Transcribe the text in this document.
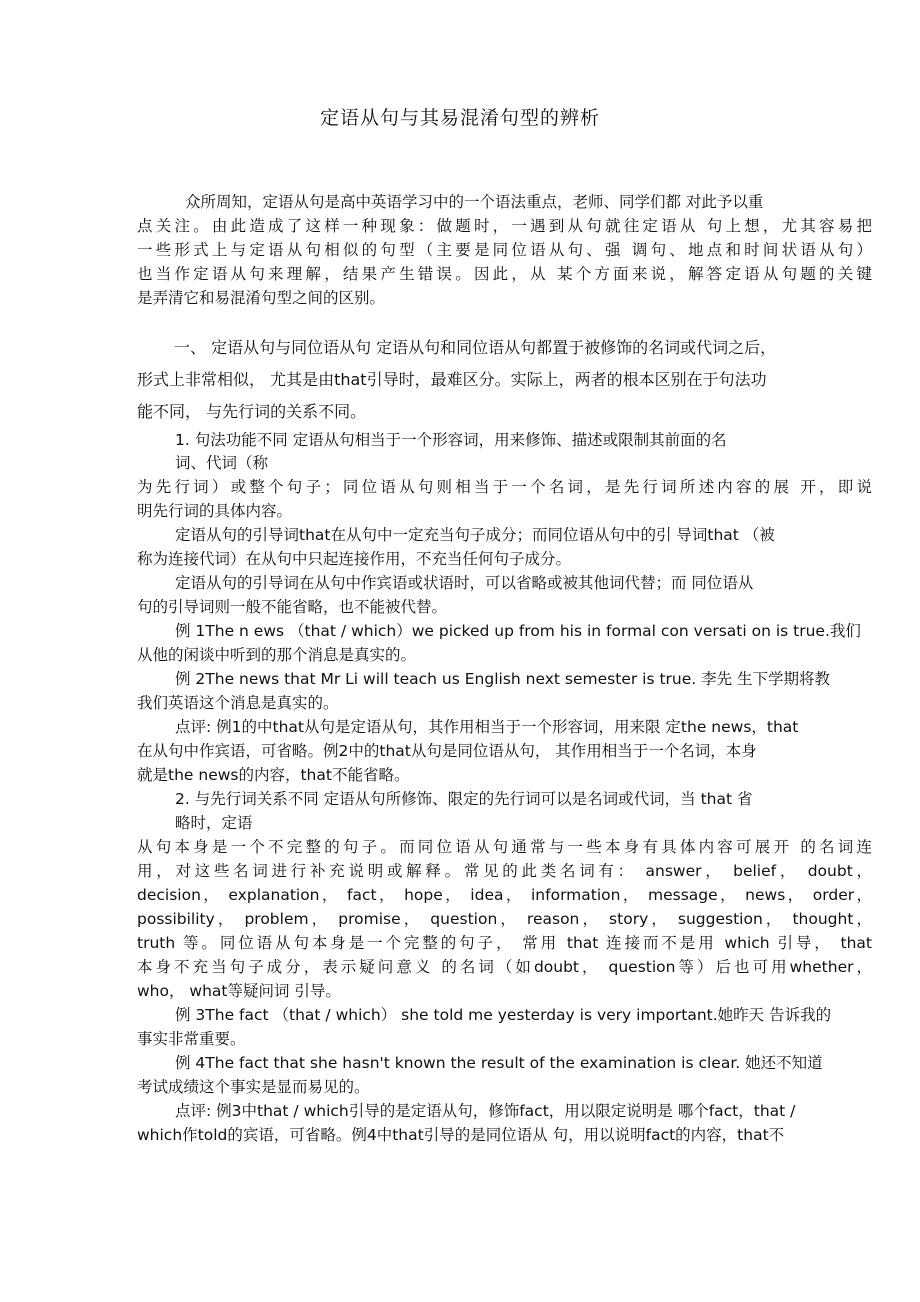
定语从句与其易混淆句型的辨析
众所周知，定语从句是高中英语学习中的一个语法重点，老师、同学们都 对此予以重
点关注。由此造成了这样一种现象：做题时，一遇到从句就往定语从 句上想，尤其容易把
一些形式上与定语从句相似的句型（主要是同位语从句、强 调句、地点和时间状语从句）
也当作定语从句来理解，结果产生错误。因此，从 某个方面来说，解答定语从句题的关键
是弄清它和易混淆句型之间的区别。
一、 定语从句与同位语从句 定语从句和同位语从句都置于被修饰的名词或代词之后，
形式上非常相似， 尤其是由that引导时，最难区分。实际上，两者的根本区别在于句法功
能不同， 与先行词的关系不同。
1. 句法功能不同 定语从句相当于一个形容词，用来修饰、描述或限制其前面的名
词、代词（称
为先行词）或整个句子；同位语从句则相当于一个名词，是先行词所述内容的展 开，即说
明先行词的具体内容。
定语从句的引导词that在从句中一定充当句子成分；而同位语从句中的引 导词that （被
称为连接代词）在从句中只起连接作用，不充当任何句子成分。
定语从句的引导词在从句中作宾语或状语时，可以省略或被其他词代替；而 同位语从
句的引导词则一般不能省略，也不能被代替。
例 1The n ews （that / which）we picked up from his in formal con versati on is true.我们
从他的闲谈中听到的那个消息是真实的。
例 2The news that Mr Li will teach us English next semester is true. 李先 生下学期将教
我们英语这个消息是真实的。
点评: 例1的中that从句是定语从句，其作用相当于一个形容词，用来限 定the news，that
在从句中作宾语，可省略。例2中的that从句是同位语从句， 其作用相当于一个名词，本身
就是the news的内容，that不能省略。
2. 与先行词关系不同 定语从句所修饰、限定的先行词可以是名词或代词，当 that 省
略时，定语
从句本身是一个不完整的句子。而同位语从句通常与一些本身有具体内容可展开 的名词连
用，对这些名词进行补充说明或解释。常见的此类名词有： answer， belief， doubt，
decision， explanation， fact， hope， idea， information， message， news， order，
possibility， problem， promise， question， reason， story， suggestion， thought，
truth 等。同位语从句本身是一个完整的句子， 常用 that 连接而不是用 which 引导， that
本身不充当句子成分，表示疑问意义 的名词（如doubt， question等）后也可用whether，
who， what等疑问词 引导。
例 3The fact （that / which） she told me yesterday is very important.她昨天 告诉我的
事实非常重要。
例 4The fact that she hasn't known the result of the examination is clear. 她还不知道
考试成绩这个事实是显而易见的。
点评: 例3中that / which引导的是定语从句，修饰fact，用以限定说明是 哪个fact，that /
which作told的宾语，可省略。例4中that引导的是同位语从 句，用以说明fact的内容，that不
